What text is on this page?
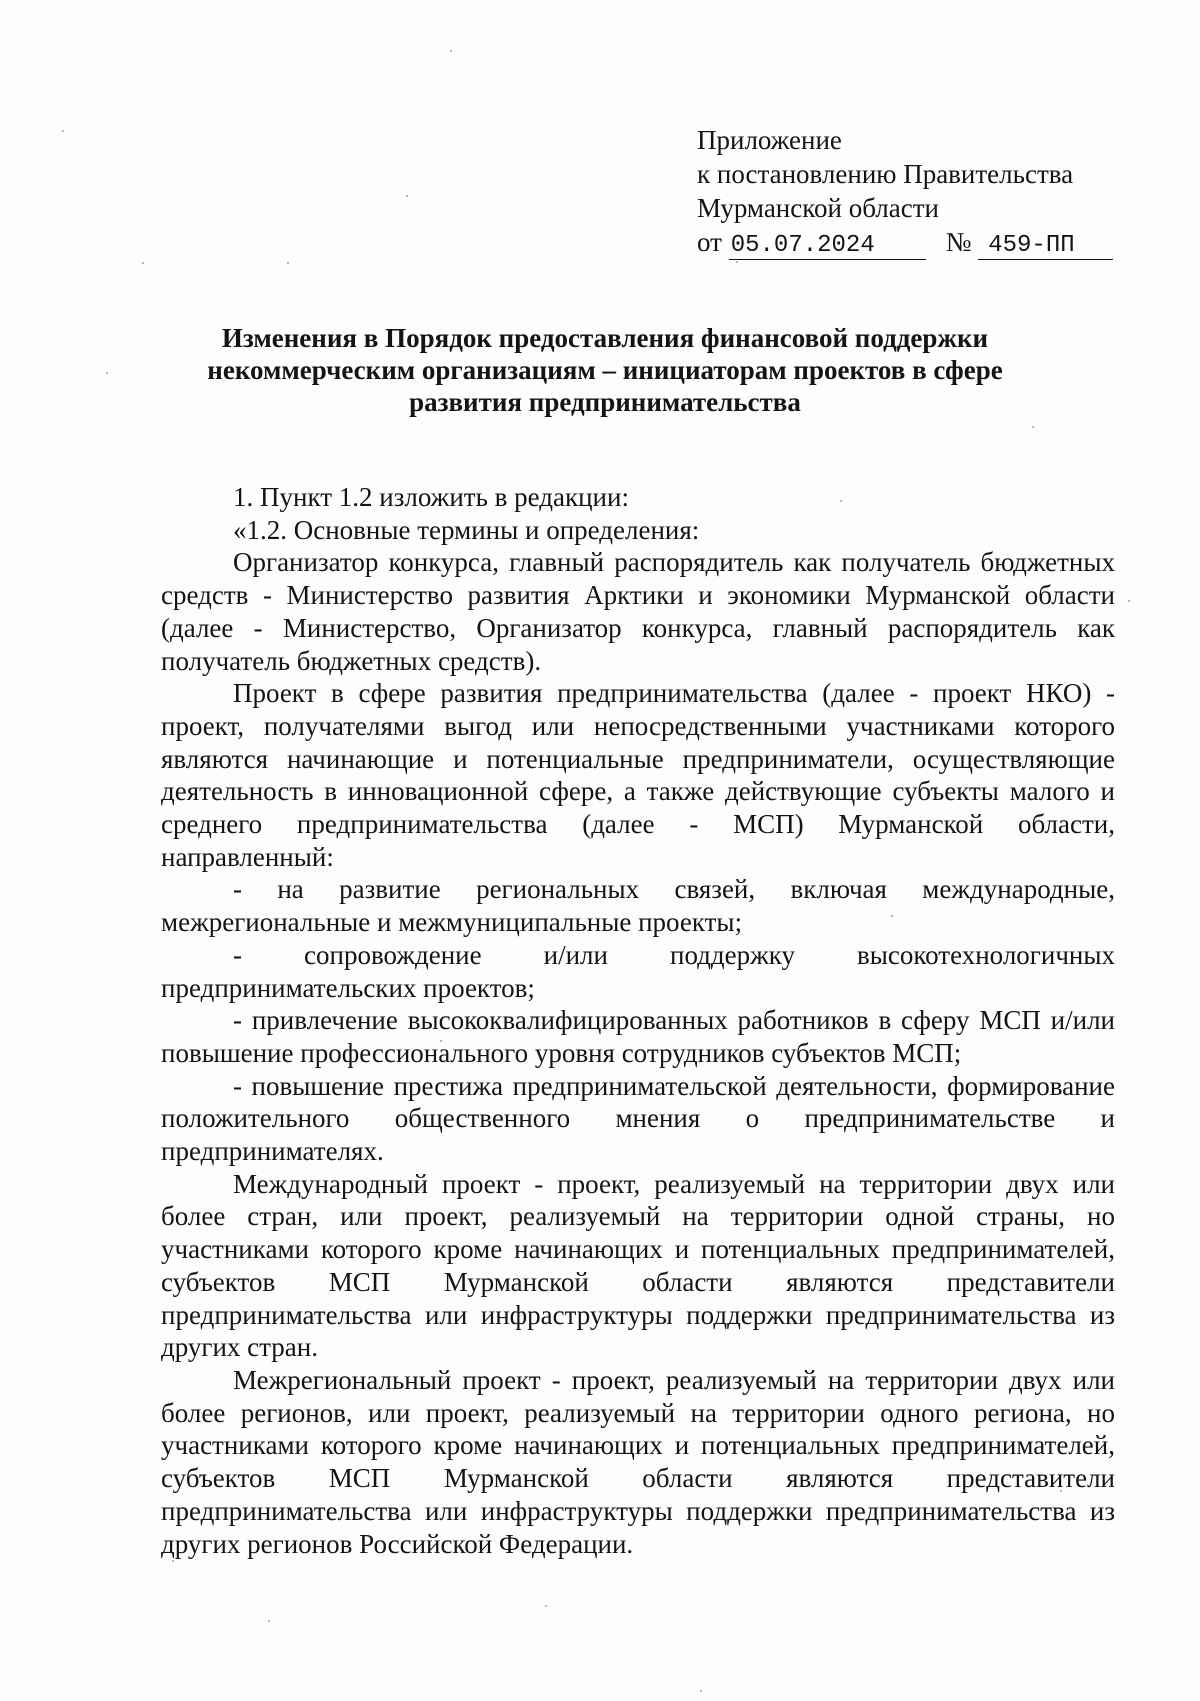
Приложение
к постановлению Правительства
Мурманской области
от 05.07.2024	№ 459-ПП
Изменения в Порядок предоставления финансовой поддержки некоммерческим организациям – инициаторам проектов в сфере развития предпринимательства

1. Пункт 1.2 изложить в редакции:

«1.2. Основные термины и определения:

Организатор конкурса, главный распорядитель как получатель бюджетных средств - Министерство развития Арктики и экономики Мурманской области (далее - Министерство, Организатор конкурса, главный распорядитель как получатель бюджетных средств).

Проект в сфере развития предпринимательства (далее - проект НКО) - проект, получателями выгод или непосредственными участниками которого являются начинающие и потенциальные предприниматели, осуществляющие деятельность в инновационной сфере, а также действующие субъекты малого и среднего предпринимательства (далее - МСП) Мурманской области, направленный:

- на развитие региональных связей, включая международные, межрегиональные и межмуниципальные проекты;

- сопровождение и/или поддержку высокотехнологичных предпринимательских проектов;

- привлечение высококвалифицированных работников в сферу МСП и/или повышение профессионального уровня сотрудников субъектов МСП;

- повышение престижа предпринимательской деятельности, формирование положительного общественного мнения о предпринимательстве и предпринимателях.

Международный проект - проект, реализуемый на территории двух или более стран, или проект, реализуемый на территории одной страны, но участниками которого кроме начинающих и потенциальных предпринимателей, субъектов МСП Мурманской области являются представители предпринимательства или инфраструктуры поддержки предпринимательства из других стран.

Межрегиональный проект - проект, реализуемый на территории двух или более регионов, или проект, реализуемый на территории одного региона, но участниками которого кроме начинающих и потенциальных предпринимателей, субъектов МСП Мурманской области являются представители предпринимательства или инфраструктуры поддержки предпринимательства из других регионов Российской Федерации.
